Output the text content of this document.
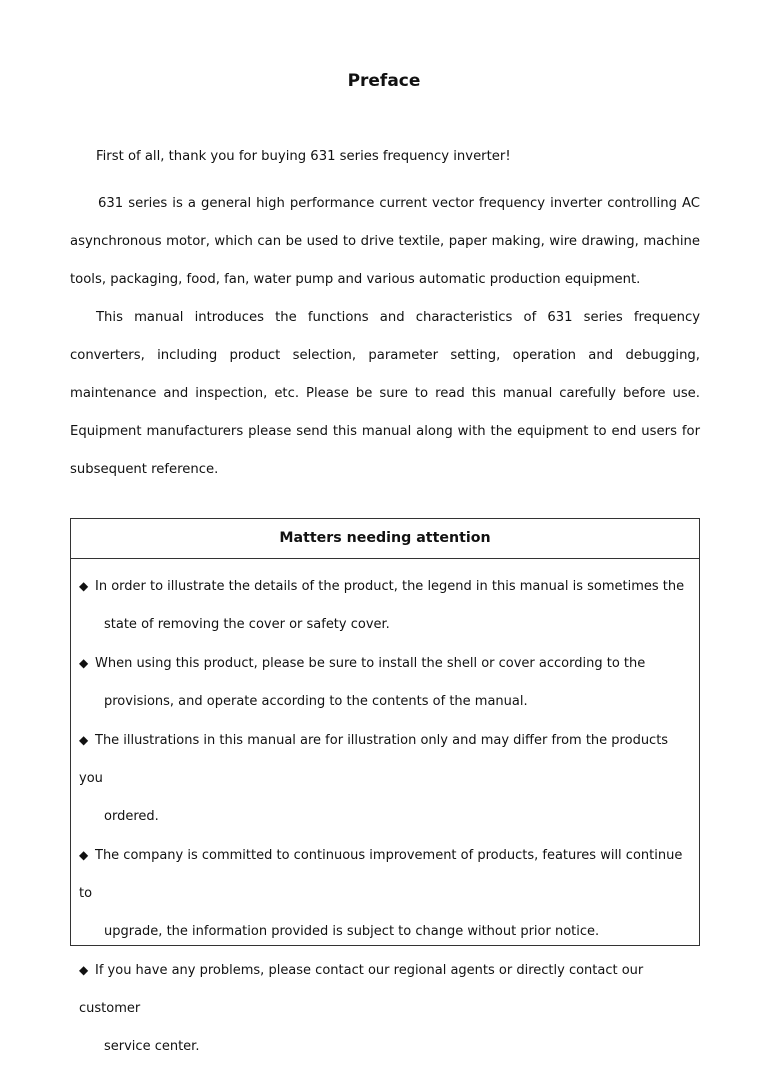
Preface

First of all, thank you for buying 631 series frequency inverter!

631 series is a general high performance current vector frequency inverter controlling AC asynchronous motor, which can be used to drive textile, paper making, wire drawing, machine tools, packaging, food, fan, water pump and various automatic production equipment.

This manual introduces the functions and characteristics of 631 series frequency converters, including product selection, parameter setting, operation and debugging, maintenance and inspection, etc. Please be sure to read this manual carefully before use. Equipment manufacturers please send this manual along with the equipment to end users for subsequent reference.

Matters needing attention
◆ In order to illustrate the details of the product, the legend in this manual is sometimes the
state of removing the cover or safety cover.
◆ When using this product, please be sure to install the shell or cover according to the
provisions, and operate according to the contents of the manual.
◆ The illustrations in this manual are for illustration only and may differ from the products you
ordered.
◆ The company is committed to continuous improvement of products, features will continue to
upgrade, the information provided is subject to change without prior notice.
◆ If you have any problems, please contact our regional agents or directly contact our customer
service center.
